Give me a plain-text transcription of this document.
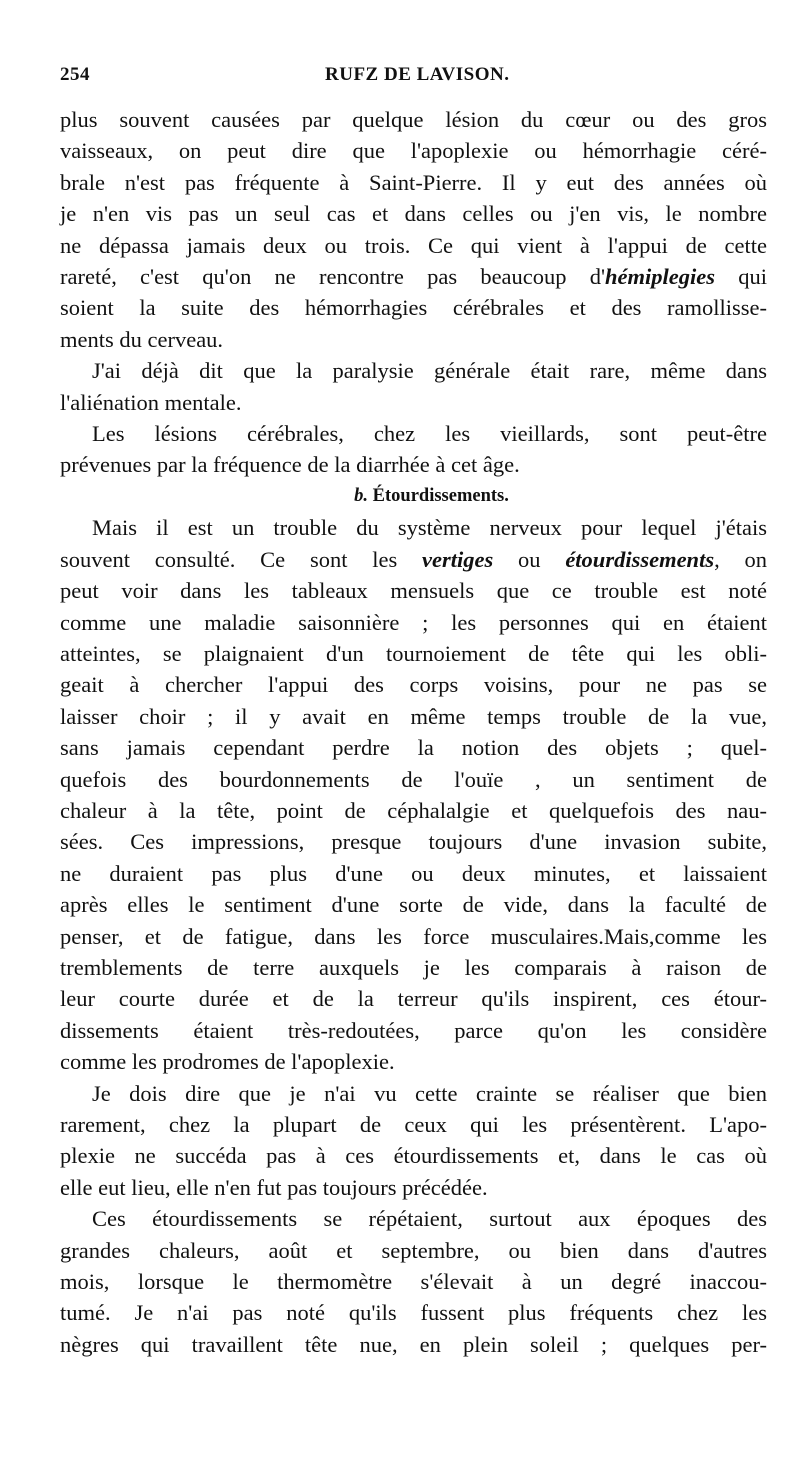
254	RUFZ DE LAVISON.

plus souvent causées par quelque lésion du cœur ou des gros
vaisseaux, on peut dire que l'apoplexie ou hémorrhagie céré-
brale n'est pas fréquente à Saint-Pierre. Il y eut des années où
je n'en vis pas un seul cas et dans celles ou j'en vis, le nombre
ne dépassa jamais deux ou trois. Ce qui vient à l'appui de cette
rareté, c'est qu'on ne rencontre pas beaucoup d'hémiplegies qui
soient la suite des hémorrhagies cérébrales et des ramollisse-
ments du cerveau.

J'ai déjà dit que la paralysie générale était rare, même dans
l'aliénation mentale.

Les lésions cérébrales, chez les vieillards, sont peut-être
prévenues par la fréquence de la diarrhée à cet âge.

b. Étourdissements.

Mais il est un trouble du système nerveux pour lequel j'étais
souvent consulté. Ce sont les vertiges ou étourdissements, on
peut voir dans les tableaux mensuels que ce trouble est noté
comme une maladie saisonnière ; les personnes qui en étaient
atteintes, se plaignaient d'un tournoiement de tête qui les obli-
geait à chercher l'appui des corps voisins, pour ne pas se
laisser choir ; il y avait en même temps trouble de la vue,
sans jamais cependant perdre la notion des objets ; quel-
quefois des bourdonnements de l'ouïe , un sentiment de
chaleur à la tête, point de céphalalgie et quelquefois des nau-
sées. Ces impressions, presque toujours d'une invasion subite,
ne duraient pas plus d'une ou deux minutes, et laissaient
après elles le sentiment d'une sorte de vide, dans la faculté de
penser, et de fatigue, dans les force musculaires.Mais,comme les
tremblements de terre auxquels je les comparais à raison de
leur courte durée et de la terreur qu'ils inspirent, ces étour-
dissements étaient très-redoutées, parce qu'on les considère
comme les prodromes de l'apoplexie.

Je dois dire que je n'ai vu cette crainte se réaliser que bien
rarement, chez la plupart de ceux qui les présentèrent. L'apo-
plexie ne succéda pas à ces étourdissements et, dans le cas où
elle eut lieu, elle n'en fut pas toujours précédée.

Ces étourdissements se répétaient, surtout aux époques des
grandes chaleurs, août et septembre, ou bien dans d'autres
mois, lorsque le thermomètre s'élevait à un degré inaccou-
tumé. Je n'ai pas noté qu'ils fussent plus fréquents chez les
nègres qui travaillent tête nue, en plein soleil ; quelques per-
